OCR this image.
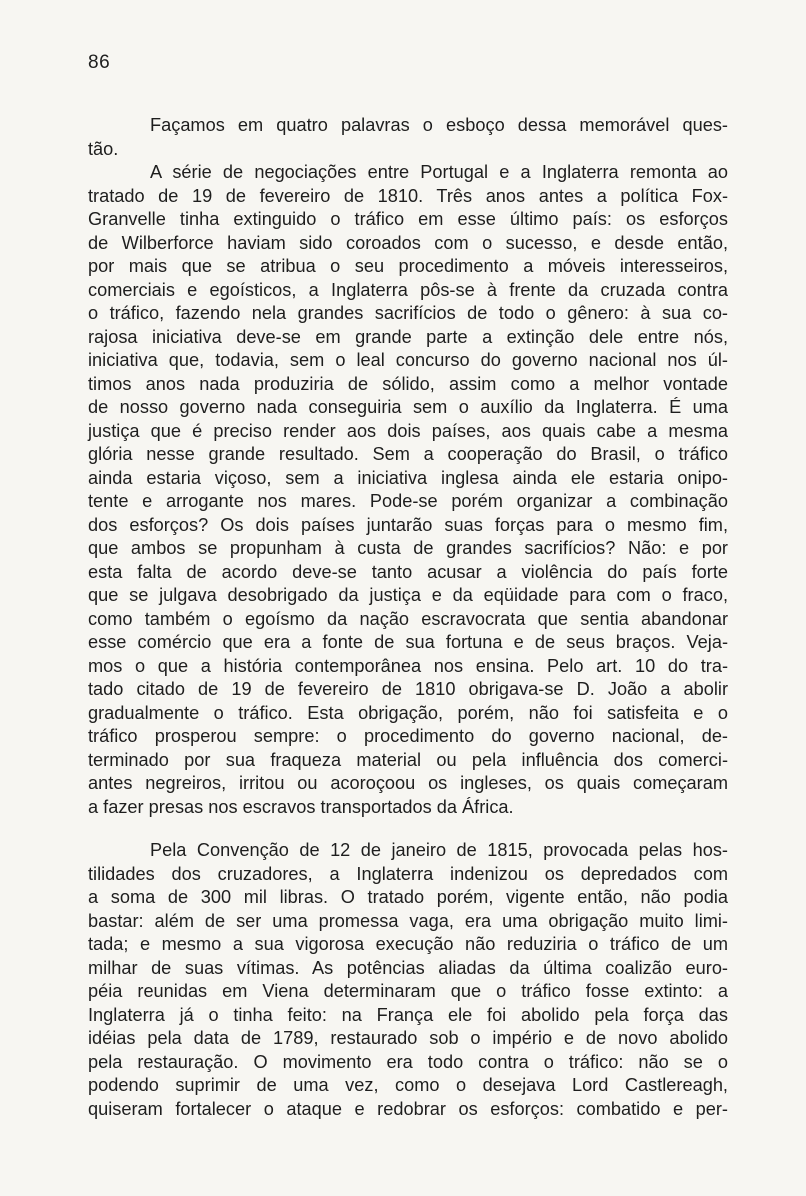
86

Façamos em quatro palavras o esboço dessa memorável ques-
tão.
A série de negociações entre Portugal e a Inglaterra remonta ao
tratado de 19 de fevereiro de 1810. Três anos antes a política Fox-
Granvelle tinha extinguido o tráfico em esse último país: os esforços
de Wilberforce haviam sido coroados com o sucesso, e desde então,
por mais que se atribua o seu procedimento a móveis interesseiros,
comerciais e egoísticos, a Inglaterra pôs-se à frente da cruzada contra
o tráfico, fazendo nela grandes sacrifícios de todo o gênero: à sua co-
rajosa iniciativa deve-se em grande parte a extinção dele entre nós,
iniciativa que, todavia, sem o leal concurso do governo nacional nos úl-
timos anos nada produziria de sólido, assim como a melhor vontade
de nosso governo nada conseguiria sem o auxílio da Inglaterra. É uma
justiça que é preciso render aos dois países, aos quais cabe a mesma
glória nesse grande resultado. Sem a cooperação do Brasil, o tráfico
ainda estaria viçoso, sem a iniciativa inglesa ainda ele estaria onipo-
tente e arrogante nos mares. Pode-se porém organizar a combinação
dos esforços? Os dois países juntarão suas forças para o mesmo fim,
que ambos se propunham à custa de grandes sacrifícios? Não: e por
esta falta de acordo deve-se tanto acusar a violência do país forte
que se julgava desobrigado da justiça e da eqüidade para com o fraco,
como também o egoísmo da nação escravocrata que sentia abandonar
esse comércio que era a fonte de sua fortuna e de seus braços. Veja-
mos o que a história contemporânea nos ensina. Pelo art. 10 do tra-
tado citado de 19 de fevereiro de 1810 obrigava-se D. João a abolir
gradualmente o tráfico. Esta obrigação, porém, não foi satisfeita e o
tráfico prosperou sempre: o procedimento do governo nacional, de-
terminado por sua fraqueza material ou pela influência dos comerci-
antes negreiros, irritou ou acoroçoou os ingleses, os quais começaram
a fazer presas nos escravos transportados da África.
Pela Convenção de 12 de janeiro de 1815, provocada pelas hos-
tilidades dos cruzadores, a Inglaterra indenizou os depredados com
a soma de 300 mil libras. O tratado porém, vigente então, não podia
bastar: além de ser uma promessa vaga, era uma obrigação muito limi-
tada; e mesmo a sua vigorosa execução não reduziria o tráfico de um
milhar de suas vítimas. As potências aliadas da última coalizão euro-
péia reunidas em Viena determinaram que o tráfico fosse extinto: a
Inglaterra já o tinha feito: na França ele foi abolido pela força das
idéias pela data de 1789, restaurado sob o império e de novo abolido
pela restauração. O movimento era todo contra o tráfico: não se o
podendo suprimir de uma vez, como o desejava Lord Castlereagh,
quiseram fortalecer o ataque e redobrar os esforços: combatido e per-
